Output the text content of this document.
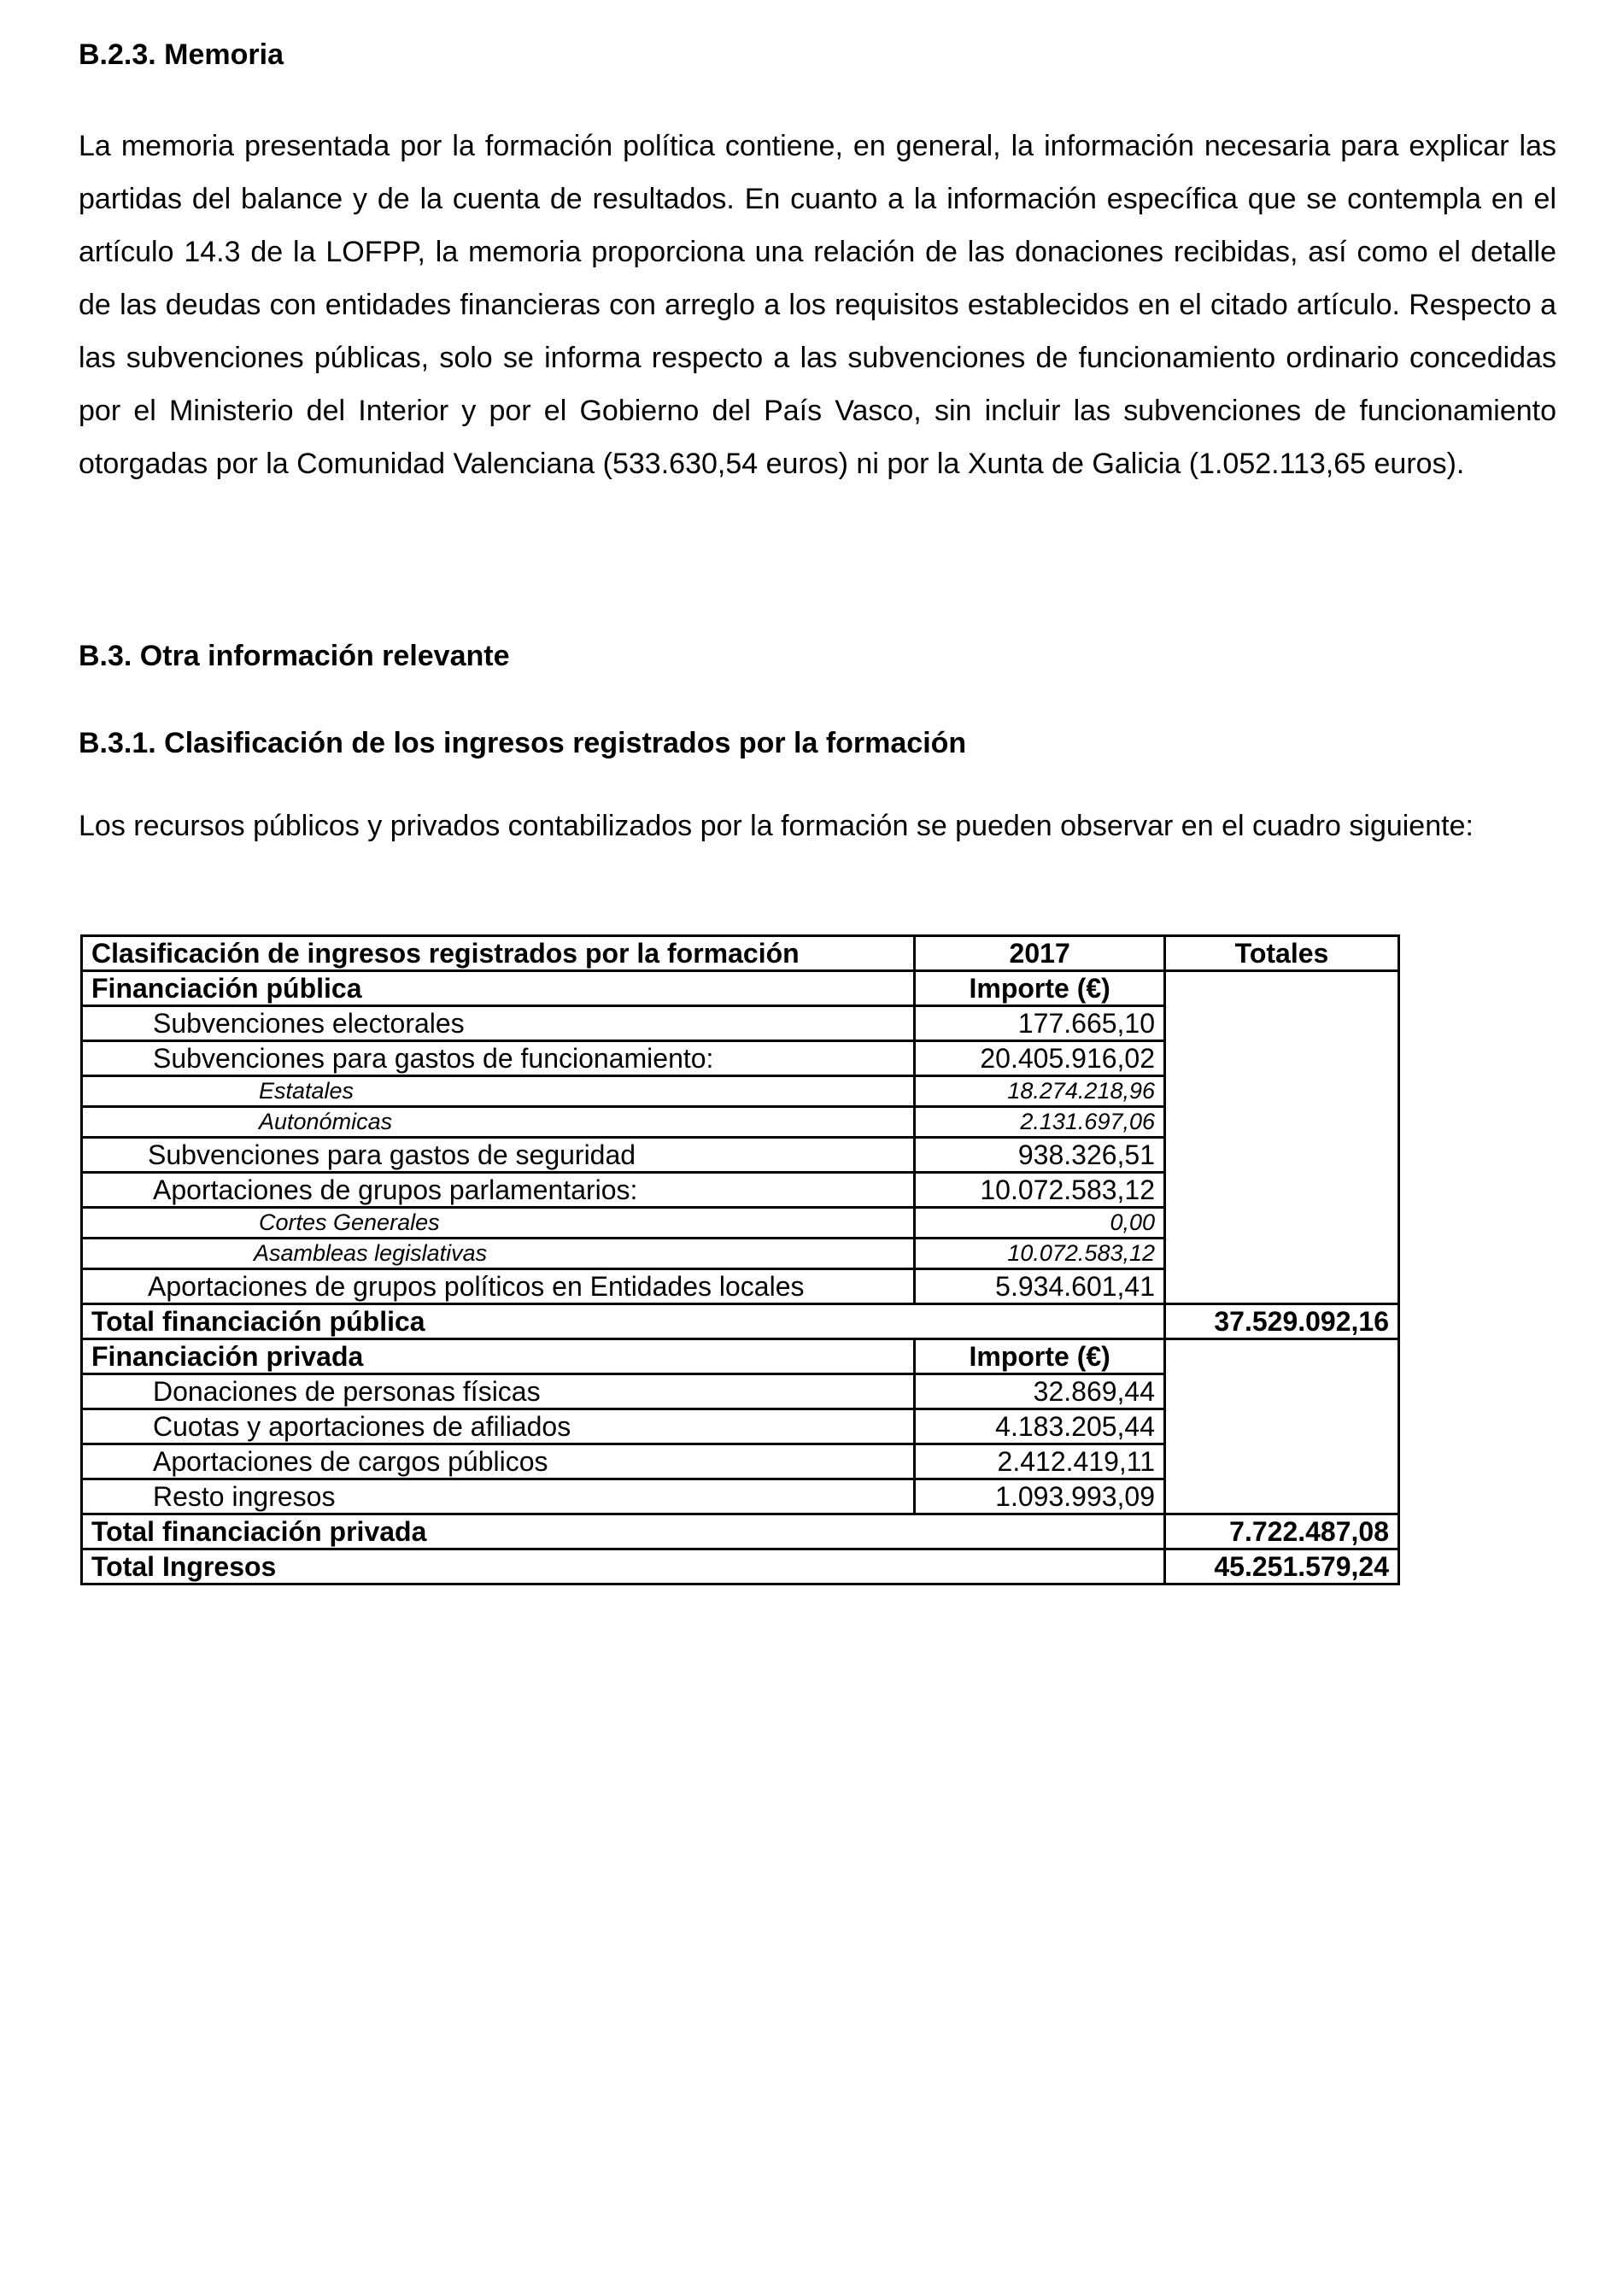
B.2.3. Memoria

La memoria presentada por la formación política contiene, en general, la información necesaria para explicar las partidas del balance y de la cuenta de resultados. En cuanto a la información específica que se contempla en el artículo 14.3 de la LOFPP, la memoria proporciona una relación de las donaciones recibidas, así como el detalle de las deudas con entidades financieras con arreglo a los requisitos establecidos en el citado artículo. Respecto a las subvenciones públicas, solo se informa respecto a las subvenciones de funcionamiento ordinario concedidas por el Ministerio del Interior y por el Gobierno del País Vasco, sin incluir las subvenciones de funcionamiento otorgadas por la Comunidad Valenciana (533.630,54 euros) ni por la Xunta de Galicia (1.052.113,65 euros).

B.3. Otra información relevante
B.3.1. Clasificación de los ingresos registrados por la formación

Los recursos públicos y privados contabilizados por la formación se pueden observar en el cuadro siguiente:

Clasificación de ingresos registrados por la formación	2017	Totales
Financiación pública	Importe (€)	
Subvenciones electorales	177.665,10	
Subvenciones para gastos de funcionamiento:	20.405.916,02	
Estatales	18.274.218,96	
Autonómicas	2.131.697,06	
Subvenciones para gastos de seguridad	938.326,51	
Aportaciones de grupos parlamentarios:	10.072.583,12	
Cortes Generales	0,00	
Asambleas legislativas	10.072.583,12	
Aportaciones de grupos políticos en Entidades locales	5.934.601,41	
Total financiación pública		37.529.092,16
Financiación privada	Importe (€)	
Donaciones de personas físicas	32.869,44	
Cuotas y aportaciones de afiliados	4.183.205,44	
Aportaciones de cargos públicos	2.412.419,11	
Resto ingresos	1.093.993,09	
Total financiación privada		7.722.487,08
Total Ingresos		45.251.579,24
